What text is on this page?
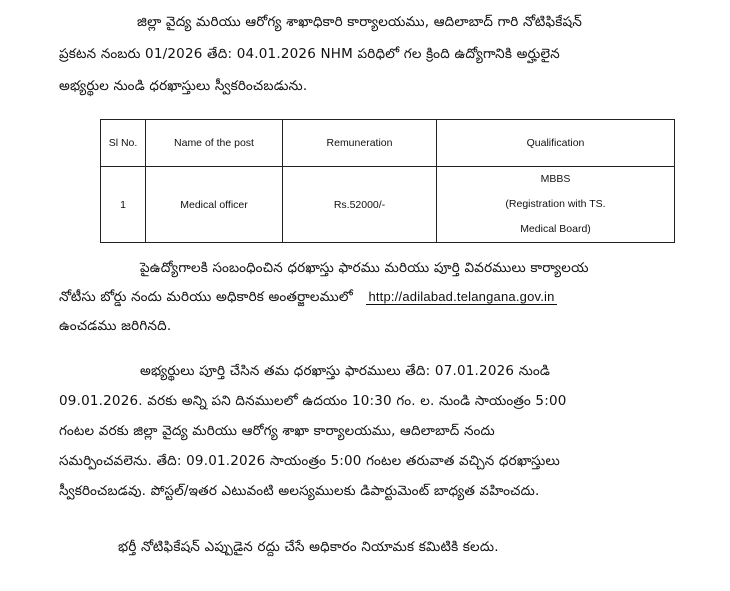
జిల్లా వైద్య మరియు ఆరోగ్య శాఖాధికారి కార్యాలయము, ఆదిలాబాద్ గారి నోటిఫికేషన్
ప్రకటన నంబరు 01/2026 తేది: 04.01.2026 NHM పరిధిలో గల క్రింది ఉద్యోగానికి అర్హులైన
అభ్యర్థుల నుండి ధరఖాస్తులు స్వీకరించబడును.
Sl No.	Name of the post	Remuneration	Qualification
1	Medical officer	Rs.52000/-	MBBS
(Registration with TS.
Medical Board)
పైఉద్యోగాలకి సంబంధించిన ధరఖాస్తు ఫారము మరియు పూర్తి వివరములు కార్యాలయ
నోటీసు బోర్డు నందు మరియు అధికారిక అంతర్జాలములో http://adilabad.telangana.gov.in
ఉంచడము జరిగినది.
అభ్యర్థులు పూర్తి చేసిన తమ ధరఖాస్తు ఫారములు తేది: 07.01.2026 నుండి
09.01.2026. వరకు అన్ని పని దినములలో ఉదయం 10:30 గం. ల. నుండి సాయంత్రం 5:00
గంటల వరకు జిల్లా వైద్య మరియు ఆరోగ్య శాఖా కార్యాలయము, ఆదిలాబాద్ నందు
సమర్పించవలెను. తేది: 09.01.2026 సాయంత్రం 5:00 గంటల తరువాత వచ్చిన ధరఖాస్తులు
స్వీకరించబడవు. పోస్టల్/ఇతర ఎటువంటి అలస్యములకు డిపార్టుమెంట్ బాధ్యత వహించదు.
భర్తీ నోటిఫికేషన్ ఎప్పుడైన రద్దు చేసే అధికారం నియామక కమిటికి కలదు.
